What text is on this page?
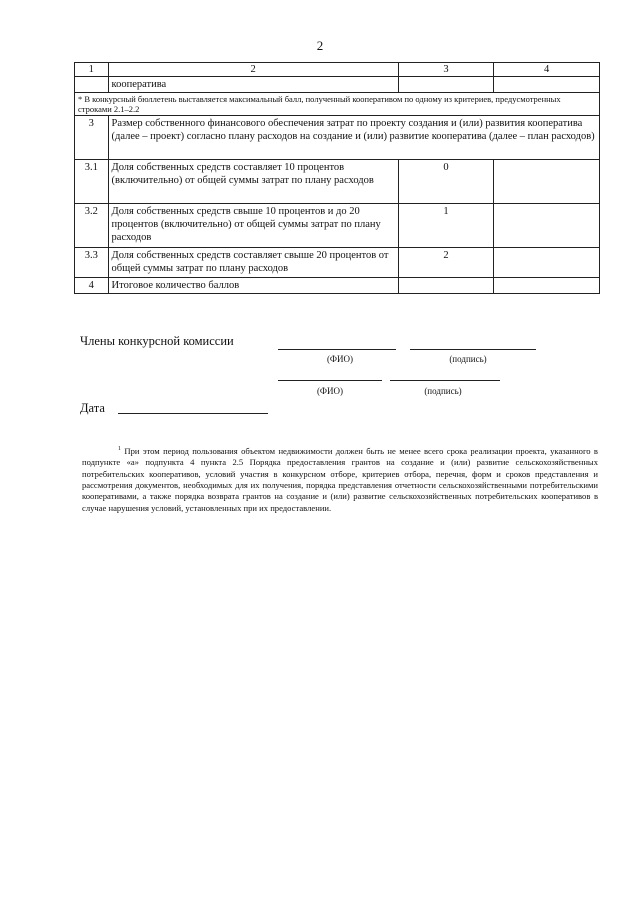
2
1	2	3	4
	кооператива		
* В конкурсный бюллетень выставляется максимальный балл, полученный кооперативом по одному из критериев, предусмотренных строками 2.1–2.2			
3	Размер собственного финансового обеспечения затрат по проекту создания и (или) развития кооператива (далее – проект) согласно плану расходов на создание и (или) развитие кооператива (далее – план расходов)		
3.1	Доля собственных средств составляет 10 процентов (включительно) от общей суммы затрат по плану расходов	0	
3.2	Доля собственных средств свыше 10 процентов и до 20 процентов (включительно) от общей суммы затрат по плану расходов	1	
3.3	Доля собственных средств составляет свыше 20 процентов от общей суммы затрат по плану расходов	2	
4	Итоговое количество баллов		
Члены конкурсной комиссии
(ФИО)	(подпись)
(ФИО)	(подпись)
Дата
$^1$ При этом период пользования объектом недвижимости должен быть не менее всего срока реализации проекта, указанного в подпункте «а» подпункта 4 пункта 2.5 Порядка предоставления грантов на создание и (или) развитие сельскохозяйственных потребительских кооперативов, условий участия в конкурсном отборе, критериев отбора, перечня, форм и сроков представления и рассмотрения документов, необходимых для их получения, порядка представления отчетности сельскохозяйственными потребительскими кооперативами, а также порядка возврата грантов на создание и (или) развитие сельскохозяйственных потребительских кооперативов в случае нарушения условий, установленных при их предоставлении.
